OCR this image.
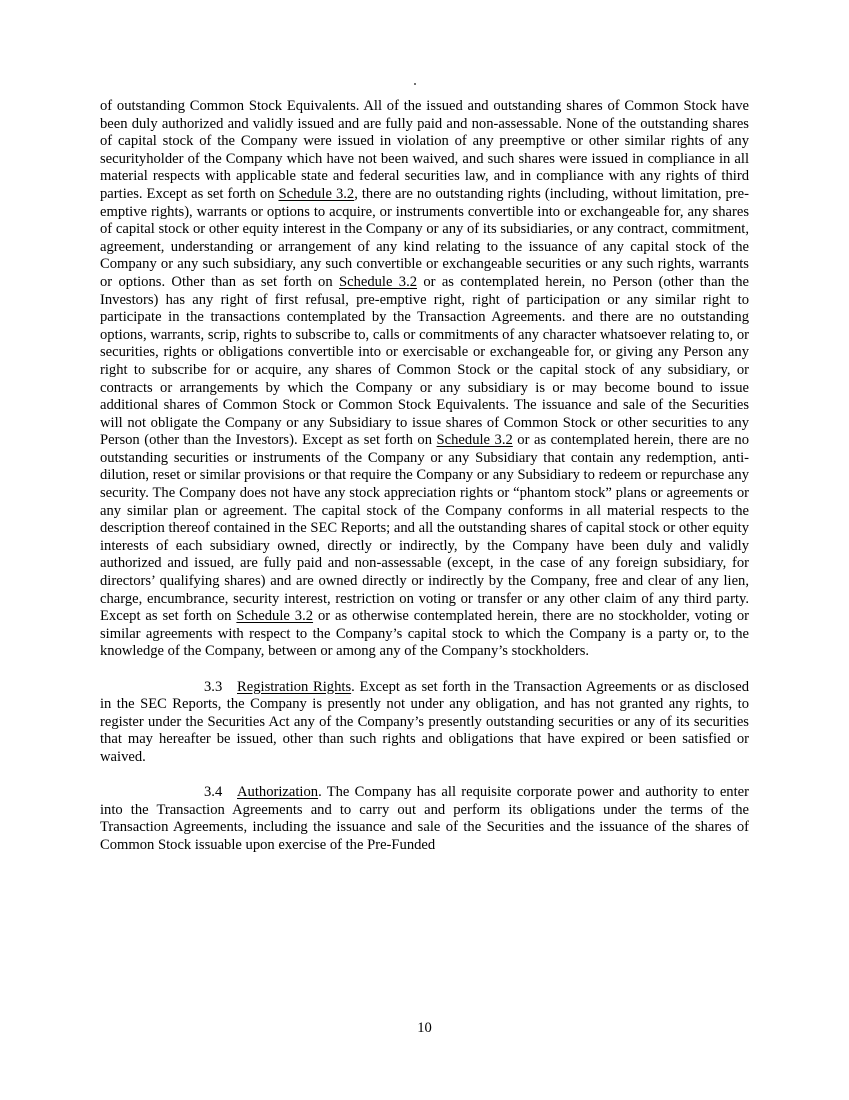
of outstanding Common Stock Equivalents. All of the issued and outstanding shares of Common Stock have been duly authorized and validly issued and are fully paid and non-assessable. None of the outstanding shares of capital stock of the Company were issued in violation of any preemptive or other similar rights of any securityholder of the Company which have not been waived, and such shares were issued in compliance in all material respects with applicable state and federal securities law, and in compliance with any rights of third parties. Except as set forth on Schedule 3.2, there are no outstanding rights (including, without limitation, pre-emptive rights), warrants or options to acquire, or instruments convertible into or exchangeable for, any shares of capital stock or other equity interest in the Company or any of its subsidiaries, or any contract, commitment, agreement, understanding or arrangement of any kind relating to the issuance of any capital stock of the Company or any such subsidiary, any such convertible or exchangeable securities or any such rights, warrants or options. Other than as set forth on Schedule 3.2 or as contemplated herein, no Person (other than the Investors) has any right of first refusal, pre-emptive right, right of participation or any similar right to participate in the transactions contemplated by the Transaction Agreements. and there are no outstanding options, warrants, scrip, rights to subscribe to, calls or commitments of any character whatsoever relating to, or securities, rights or obligations convertible into or exercisable or exchangeable for, or giving any Person any right to subscribe for or acquire, any shares of Common Stock or the capital stock of any subsidiary, or contracts or arrangements by which the Company or any subsidiary is or may become bound to issue additional shares of Common Stock or Common Stock Equivalents. The issuance and sale of the Securities will not obligate the Company or any Subsidiary to issue shares of Common Stock or other securities to any Person (other than the Investors). Except as set forth on Schedule 3.2 or as contemplated herein, there are no outstanding securities or instruments of the Company or any Subsidiary that contain any redemption, anti-dilution, reset or similar provisions or that require the Company or any Subsidiary to redeem or repurchase any security. The Company does not have any stock appreciation rights or “phantom stock” plans or agreements or any similar plan or agreement. The capital stock of the Company conforms in all material respects to the description thereof contained in the SEC Reports; and all the outstanding shares of capital stock or other equity interests of each subsidiary owned, directly or indirectly, by the Company have been duly and validly authorized and issued, are fully paid and non-assessable (except, in the case of any foreign subsidiary, for directors’ qualifying shares) and are owned directly or indirectly by the Company, free and clear of any lien, charge, encumbrance, security interest, restriction on voting or transfer or any other claim of any third party. Except as set forth on Schedule 3.2 or as otherwise contemplated herein, there are no stockholder, voting or similar agreements with respect to the Company’s capital stock to which the Company is a party or, to the knowledge of the Company, between or among any of the Company’s stockholders.

3.3 Registration Rights. Except as set forth in the Transaction Agreements or as disclosed in the SEC Reports, the Company is presently not under any obligation, and has not granted any rights, to register under the Securities Act any of the Company’s presently outstanding securities or any of its securities that may hereafter be issued, other than such rights and obligations that have expired or been satisfied or waived.

3.4 Authorization. The Company has all requisite corporate power and authority to enter into the Transaction Agreements and to carry out and perform its obligations under the terms of the Transaction Agreements, including the issuance and sale of the Securities and the issuance of the shares of Common Stock issuable upon exercise of the Pre-Funded

10
